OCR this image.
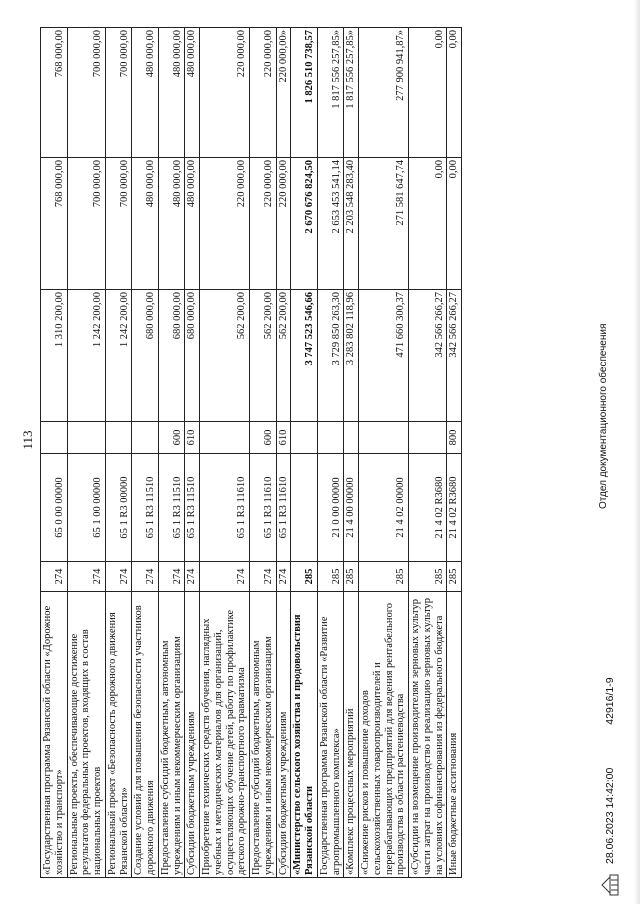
113
«Государственная программа Рязанской области «Дорожное хозяйство и транспорт»	274	65 0 00 00000		1 310 200,00	768 000,00	768 000,00
Региональные проекты, обеспечивающие достижение результатов федеральных проектов, входящих в состав национальных проектов	274	65 1 00 00000		1 242 200,00	700 000,00	700 000,00
Региональный проект «Безопасность дорожного движения Рязанской области»	274	65 1 R3 00000		1 242 200,00	700 000,00	700 000,00
Создание условий для повышения безопасности участников дорожного движения	274	65 1 R3 11510		680 000,00	480 000,00	480 000,00
Предоставление субсидий бюджетным, автономным учреждениям и иным некоммерческим организациям	274	65 1 R3 11510	600	680 000,00	480 000,00	480 000,00
Субсидии бюджетным учреждениям	274	65 1 R3 11510	610	680 000,00	480 000,00	480 000,00
Приобретение технических средств обучения, наглядных учебных и методических материалов для организаций, осуществляющих обучение детей, работу по профилактике детского дорожно-транспортного травматизма	274	65 1 R3 11610		562 200,00	220 000,00	220 000,00
Предоставление субсидий бюджетным, автономным учреждениям и иным некоммерческим организациям	274	65 1 R3 11610	600	562 200,00	220 000,00	220 000,00
Субсидии бюджетным учреждениям	274	65 1 R3 11610	610	562 200,00	220 000,00	220 000,00»
«Министерство сельского хозяйства и продовольствия Рязанской области	285			3 747 523 546,66	2 670 676 824,50	1 826 510 738,57
Государственная программа Рязанской области «Развитие агропромышленного комплекса»	285	21 0 00 00000		3 729 850 263,30	2 653 453 541,14	1 817 556 257,85»
«Комплекс процессных мероприятий	285	21 4 00 00000		3 283 802 118,96	2 203 548 283,40	1 817 556 257,85»
«Снижение рисков и повышение доходов сельскохозяйственных товаропроизводителей и перерабатывающих предприятий для ведения рентабельного производства в области растениеводства	285	21 4 02 00000		471 660 300,37	271 581 647,74	277 900 941,87»
«Субсидии на возмещение производителям зерновых культур части затрат на производство и реализацию зерновых культур на условиях софинансирования из федерального бюджета	285	21 4 02 R3680		342 566 266,27	0,00	0,00
Иные бюджетные ассигнования	285	21 4 02 R3680	800	342 566 266,27	0,00	0,00
28.06.2023 14:42:00 42916/1-9
Отдел документационного обеспечения
